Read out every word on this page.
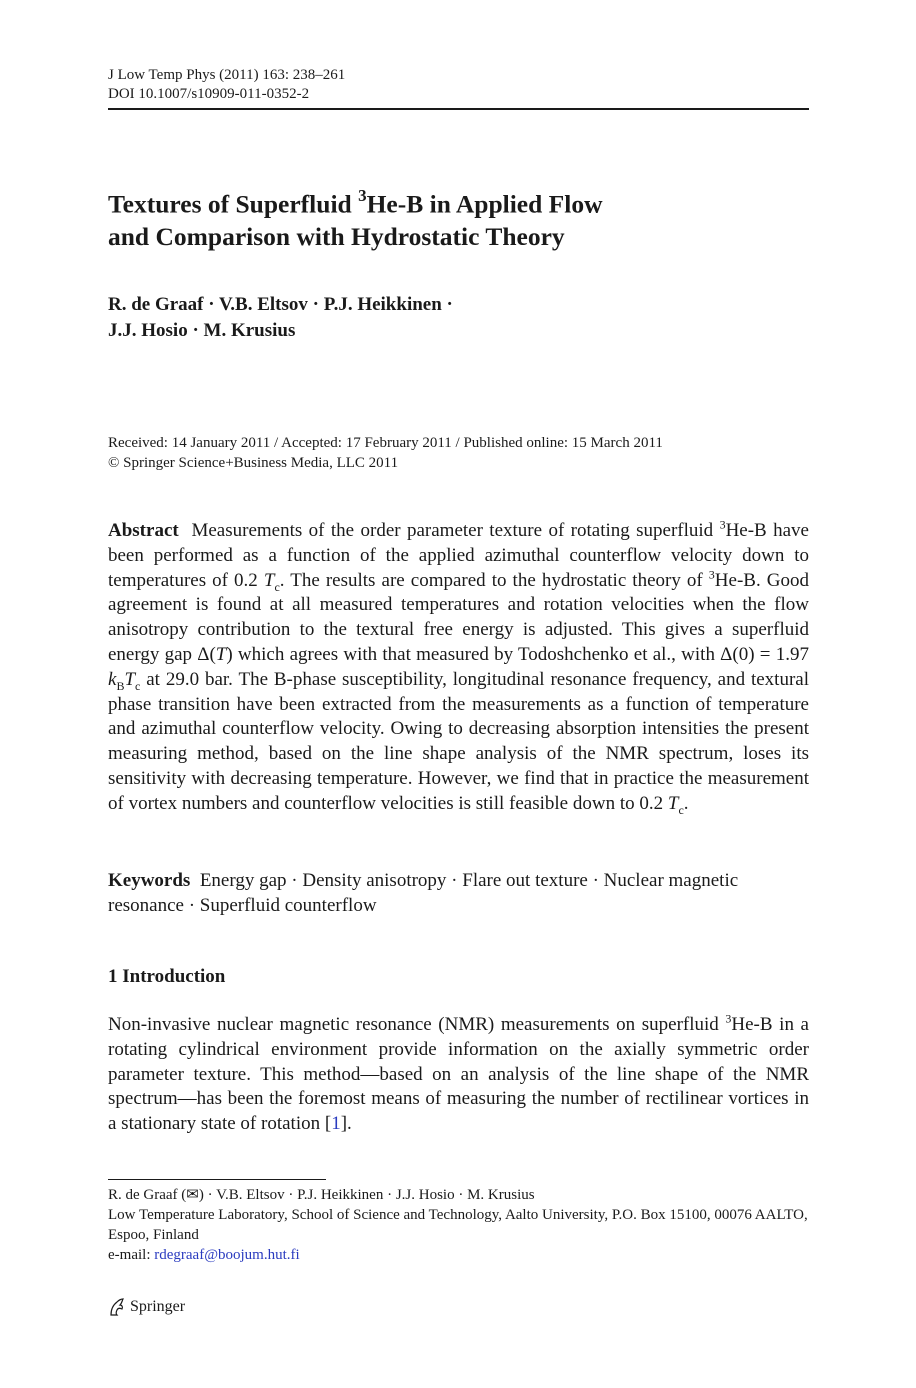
J Low Temp Phys (2011) 163: 238–261
DOI 10.1007/s10909-011-0352-2
Textures of Superfluid $^3$He-B in Applied Flow
and Comparison with Hydrostatic Theory
R. de Graaf · V.B. Eltsov · P.J. Heikkinen ·
J.J. Hosio · M. Krusius
Received: 14 January 2011 / Accepted: 17 February 2011 / Published online: 15 March 2011
© Springer Science+Business Media, LLC 2011
Abstract Measurements of the order parameter texture of rotating superfluid $^3$He-B have been performed as a function of the applied azimuthal counterflow velocity down to temperatures of 0.2 $T_c$. The results are compared to the hydrostatic theory of $^3$He-B. Good agreement is found at all measured temperatures and rotation velocities when the flow anisotropy contribution to the textural free energy is adjusted. This gives a superfluid energy gap Δ(T) which agrees with that measured by Todoshchenko et al., with Δ(0) = 1.97 $k_BT_c$ at 29.0 bar. The B-phase susceptibility, longitudinal resonance frequency, and textural phase transition have been extracted from the measurements as a function of temperature and azimuthal counterflow velocity. Owing to decreasing absorption intensities the present measuring method, based on the line shape analysis of the NMR spectrum, loses its sensitivity with decreasing temperature. However, we find that in practice the measurement of vortex numbers and counterflow velocities is still feasible down to 0.2 $T_c$.
Keywords Energy gap · Density anisotropy · Flare out texture · Nuclear magnetic resonance · Superfluid counterflow
1 Introduction
Non-invasive nuclear magnetic resonance (NMR) measurements on superfluid $^3$He-B in a rotating cylindrical environment provide information on the axially symmetric order parameter texture. This method—based on an analysis of the line shape of the NMR spectrum—has been the foremost means of measuring the number of rectilinear vortices in a stationary state of rotation [1].
R. de Graaf (✉) · V.B. Eltsov · P.J. Heikkinen · J.J. Hosio · M. Krusius
Low Temperature Laboratory, School of Science and Technology, Aalto University, P.O. Box 15100, 00076 AALTO, Espoo, Finland
e-mail: rdegraaf@boojum.hut.fi
Springer
